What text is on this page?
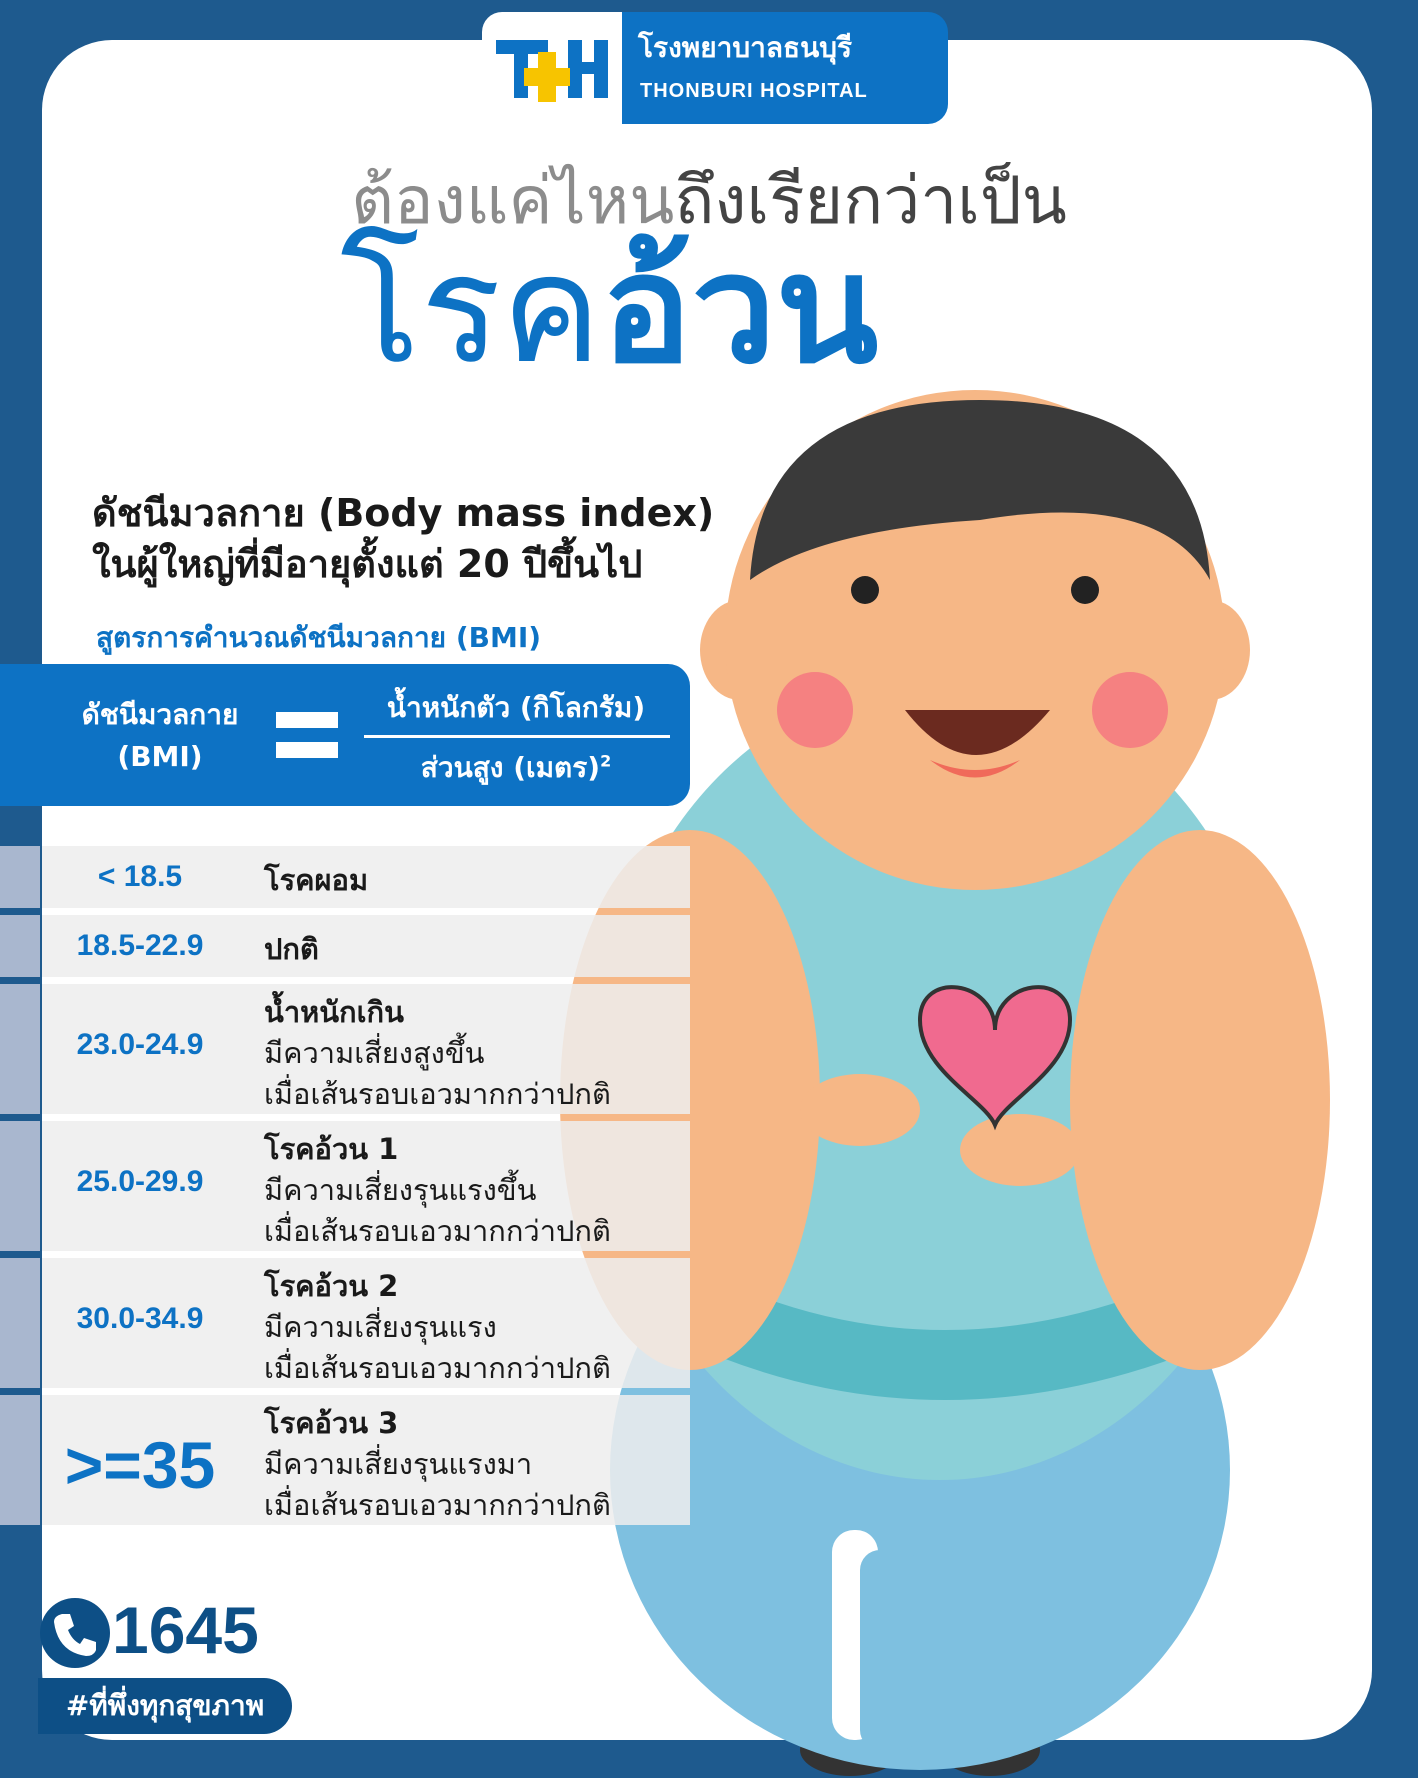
โรงพยาบาลธนบุรี
THONBURI HOSPITAL
ต้องแค่ไหนถึงเรียกว่าเป็น
โรคอ้วน
ดัชนีมวลกาย (Body mass index)
ในผู้ใหญ่ที่มีอายุตั้งแต่ 20 ปีขึ้นไป
สูตรการคำนวณดัชนีมวลกาย (BMI)
ดัชนีมวลกาย
(BMI)
น้ำหนักตัว (กิโลกรัม)
ส่วนสูง (เมตร)$^2$
< 18.5	โรคผอม
18.5-22.9	ปกติ
23.0-24.9
น้ำหนักเกิน
มีความเสี่ยงสูงขึ้น
เมื่อเส้นรอบเอวมากกว่าปกติ
25.0-29.9
โรคอ้วน 1
มีความเสี่ยงรุนแรงขึ้น
เมื่อเส้นรอบเอวมากกว่าปกติ
30.0-34.9
โรคอ้วน 2
มีความเสี่ยงรุนแรง
เมื่อเส้นรอบเอวมากกว่าปกติ
>=35
โรคอ้วน 3
มีความเสี่ยงรุนแรงมา
เมื่อเส้นรอบเอวมากกว่าปกติ
1645
#ที่พึ่งทุกสุขภาพ
